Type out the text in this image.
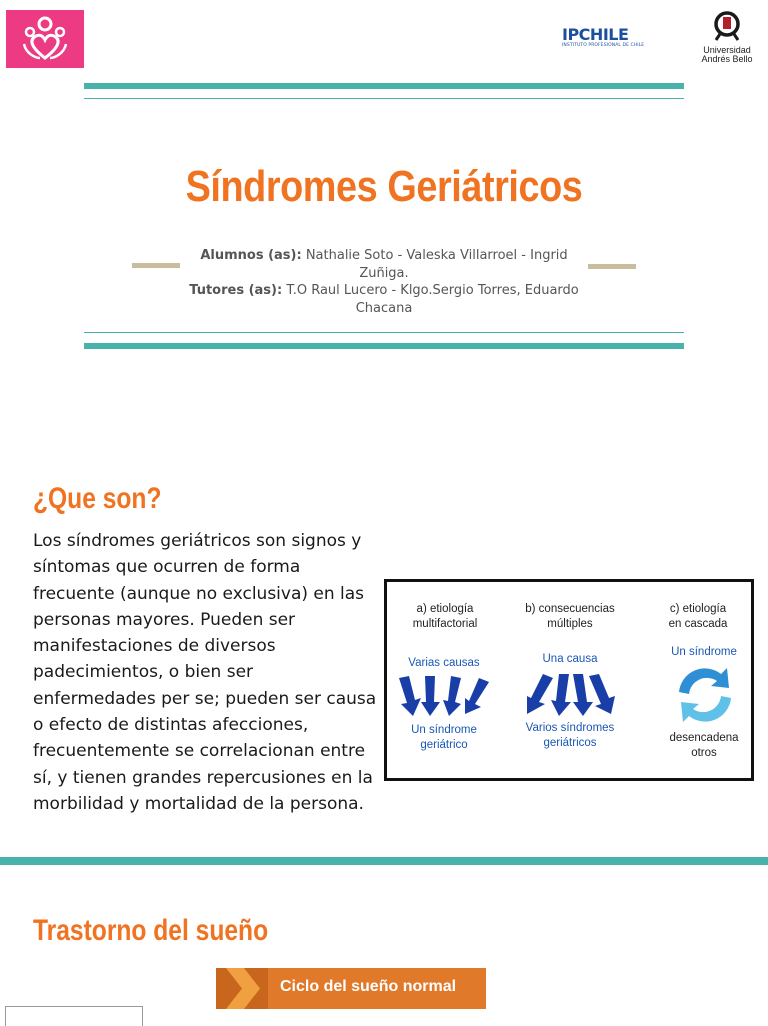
IPCHILE
INSTITUTO PROFESIONAL DE CHILE	Universidad
Andrés Bello
Síndromes Geriátricos
Alumnos (as): Nathalie Soto - Valeska Villarroel - Ingrid Zuñiga.
Tutores (as): T.O Raul Lucero - Klgo.Sergio Torres, Eduardo Chacana
¿Que son?
Los síndromes geriátricos son signos y síntomas que ocurren de forma frecuente (aunque no exclusiva) en las personas mayores. Pueden ser manifestaciones de diversos padecimientos, o bien ser enfermedades per se; pueden ser causa o efecto de distintas afecciones, frecuentemente se correlacionan entre sí, y tienen grandes repercusiones en la morbilidad y mortalidad de la persona.
a) etiología
multifactorial
Varias causas
Un síndrome
geriátrico
b) consecuencias
múltiples
Una causa
Varios síndromes
geriátricos
c) etiología
en cascada
Un síndrome
desencadena
otros
Trastorno del sueño
Ciclo del sueño normal
